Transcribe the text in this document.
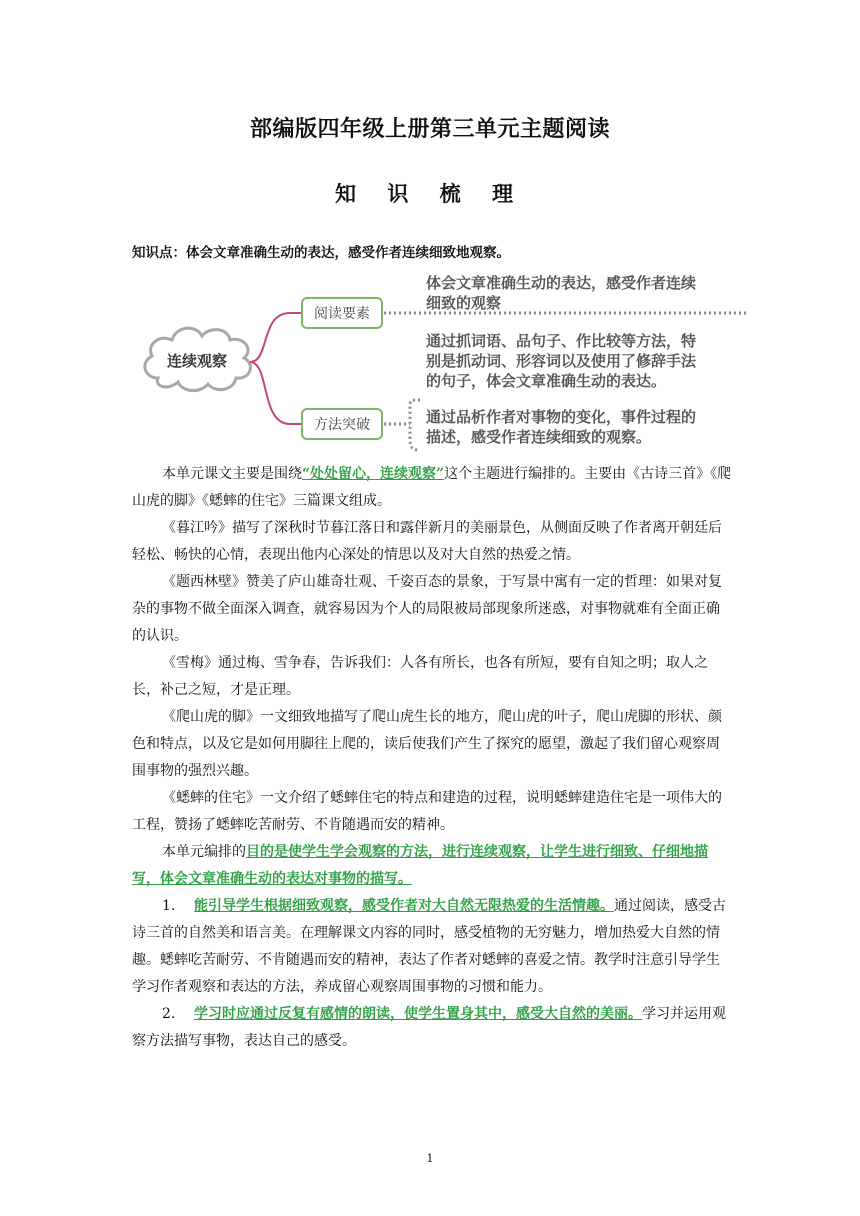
部编版四年级上册第三单元主题阅读
知 识 梳 理
知识点：体会文章准确生动的表达，感受作者连续细致地观察。
连续观察
阅读要素
方法突破
体会文章准确生动的表达，感受作者连续
细致的观察
通过抓词语、品句子、作比较等方法，特
别是抓动词、形容词以及使用了修辞手法
的句子，体会文章准确生动的表达。
通过品析作者对事物的变化，事件过程的
描述，感受作者连续细致的观察。

本单元课文主要是围绕“处处留心，连续观察”这个主题进行编排的。主要由《古诗三首》《爬山虎的脚》《蟋蟀的住宅》三篇课文组成。

《暮江吟》描写了深秋时节暮江落日和露伴新月的美丽景色，从侧面反映了作者离开朝廷后轻松、畅快的心情，表现出他内心深处的情思以及对大自然的热爱之情。

《题西林壁》赞美了庐山雄奇壮观、千姿百态的景象，于写景中寓有一定的哲理：如果对复杂的事物不做全面深入调查，就容易因为个人的局限被局部现象所迷惑，对事物就难有全面正确的认识。

《雪梅》通过梅、雪争春，告诉我们：人各有所长，也各有所短，要有自知之明；取人之长，补己之短，才是正理。

《爬山虎的脚》一文细致地描写了爬山虎生长的地方，爬山虎的叶子，爬山虎脚的形状、颜色和特点，以及它是如何用脚往上爬的，读后使我们产生了探究的愿望，激起了我们留心观察周围事物的强烈兴趣。

《蟋蟀的住宅》一文介绍了蟋蟀住宅的特点和建造的过程，说明蟋蟀建造住宅是一项伟大的工程，赞扬了蟋蟀吃苦耐劳、不肯随遇而安的精神。

本单元编排的目的是使学生学会观察的方法，进行连续观察，让学生进行细致、仔细地描写，体会文章准确生动的表达对事物的描写。

1. 能引导学生根据细致观察，感受作者对大自然无限热爱的生活情趣。通过阅读，感受古诗三首的自然美和语言美。在理解课文内容的同时，感受植物的无穷魅力，增加热爱大自然的情趣。蟋蟀吃苦耐劳、不肯随遇而安的精神，表达了作者对蟋蟀的喜爱之情。教学时注意引导学生学习作者观察和表达的方法，养成留心观察周围事物的习惯和能力。

2. 学习时应通过反复有感情的朗读，使学生置身其中，感受大自然的美丽。学习并运用观察方法描写事物，表达自己的感受。

1
